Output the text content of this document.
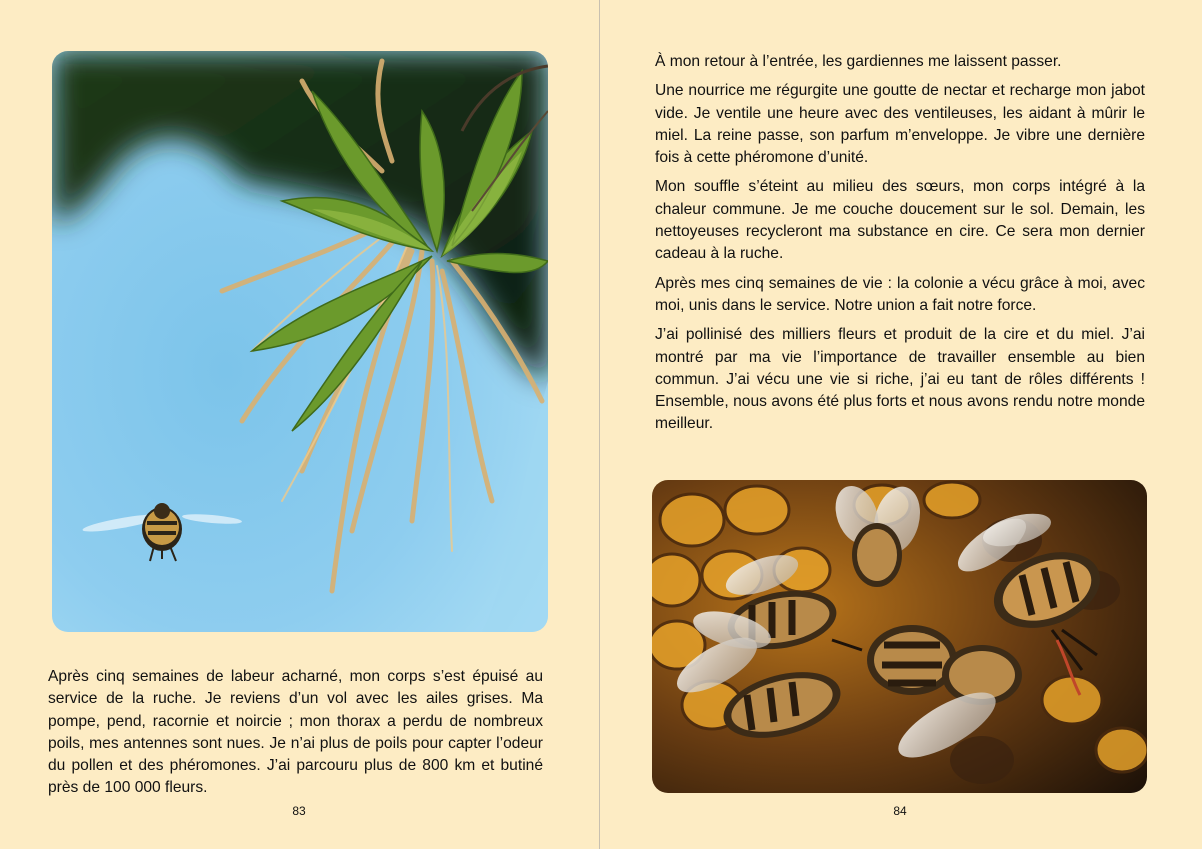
Après cinq semaines de labeur acharné, mon corps s’est épuisé au service de la ruche. Je reviens d’un vol avec les ailes grises. Ma pompe, pend, racornie et noircie ; mon thorax a perdu de nombreux poils, mes antennes sont nues. Je n’ai plus de poils pour capter l’odeur du pollen et des phéromones. J’ai parcouru plus de 800 km et butiné près de 100 000 fleurs.

83

À mon retour à l’entrée, les gardiennes me laissent passer.

Une nourrice me régurgite une goutte de nectar et recharge mon jabot vide. Je ventile une heure avec des ventileuses, les aidant à mûrir le miel. La reine passe, son parfum m’enveloppe. Je vibre une dernière fois à cette phéromone d’unité.

Mon souffle s’éteint au milieu des sœurs, mon corps intégré à la chaleur commune. Je me couche doucement sur le sol. Demain, les nettoyeuses recycleront ma substance en cire. Ce sera mon dernier cadeau à la ruche.

Après mes cinq semaines de vie : la colonie a vécu grâce à moi, avec moi, unis dans le service. Notre union a fait notre force.

J’ai pollinisé des milliers fleurs et produit de la cire et du miel. J’ai montré par ma vie l’importance de travailler ensemble au bien commun. J’ai vécu une vie si riche, j’ai eu tant de rôles différents ! Ensemble, nous avons été plus forts et nous avons rendu notre monde meilleur.

84
